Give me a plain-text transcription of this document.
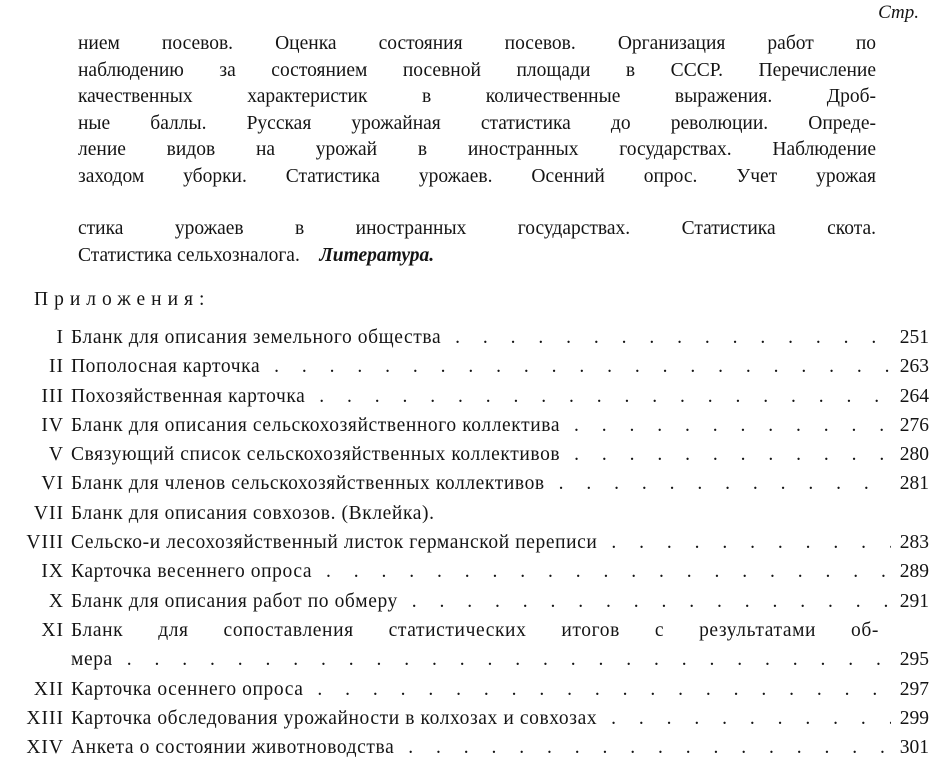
Стр.
нием посевов. Оценка состояния посевов. Организация работ по
наблюдению за состоянием посевной площади в СССР. Перечисление
качественных характеристик в количественные выражения. Дроб-
ные баллы. Русская урожайная статистика до революции. Опреде-
ление видов на урожай в иностранных государствах. Наблюдение
заходом уборки. Статистика урожаев. Осенний опрос. Учет урожая
стика урожаев в иностранных государствах. Статистика скота.
Статистика сельхозналога. Литература.
Приложения:
I Бланк для описания земельного общества . . .	251
II Пополосная карточка . . .	263
III Похозяйственная карточка . . .	264
IV Бланк для описания сельскохозяйственного коллектива . . .	276
V Связующий список сельскохозяйственных коллективов . . .	280
VI Бланк для членов сельскохозяйственных коллективов . . .	281
VII Бланк для описания совхозов. (Вклейка).
VIII Сельско-и лесохозяйственный листок германской переписи . . .	283
IX Карточка весеннего опроса . . .	289
X Бланк для описания работ по обмеру . . .	291
XI Бланк для сопоставления статистических итогов с результатами об-
мера . . .	295
XII Карточка осеннего опроса . . .	297
XIII Карточка обследования урожайности в колхозах и совхозах . . .	299
XIV Анкета о состоянии животноводства . . .	301
